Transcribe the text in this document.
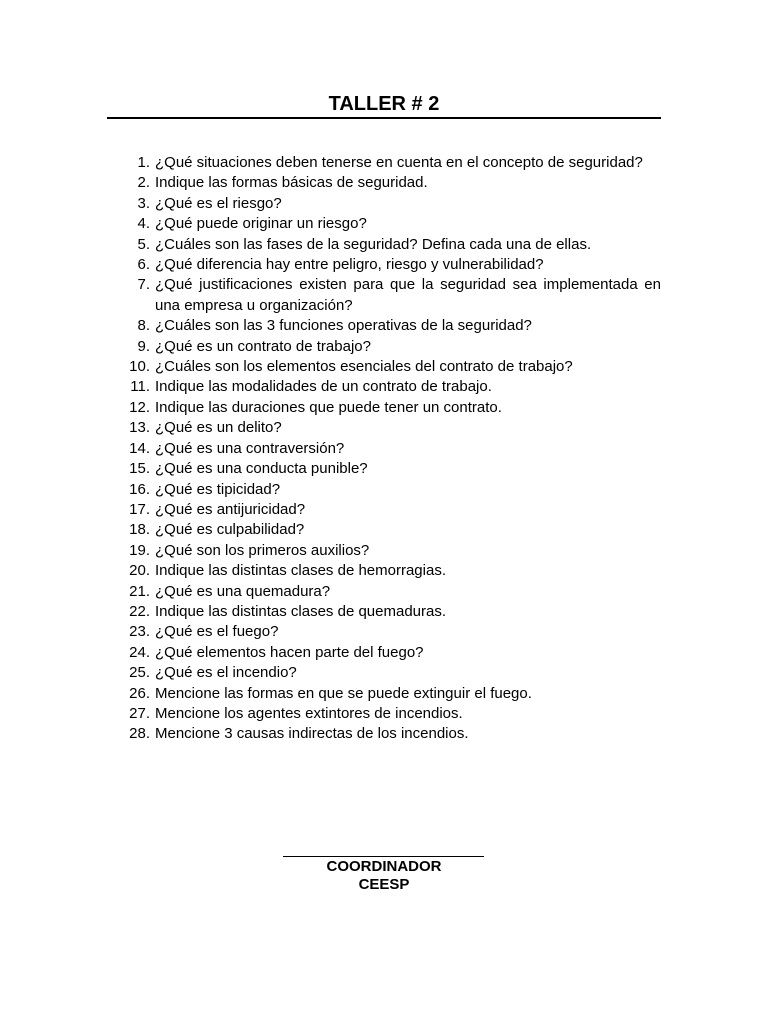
TALLER # 2
1 . ¿Qué situaciones deben tenerse en cuenta en el concepto de seguridad?
2 . Indique las formas básicas de seguridad.
3 . ¿Qué es el riesgo?
4 . ¿Qué puede originar un riesgo?
5 . ¿Cuáles son las fases de la seguridad? Defina cada una de ellas.
6 . ¿Qué diferencia hay entre peligro, riesgo y vulnerabilidad?
7 . ¿Qué justificaciones existen para que la seguridad sea implementada en una empresa u organización?
8 . ¿Cuáles son las 3 funciones operativas de la seguridad?
9 . ¿Qué es un contrato de trabajo?
10 . ¿Cuáles son los elementos esenciales del contrato de trabajo?
11 . Indique las modalidades de un contrato de trabajo.
12 . Indique las duraciones que puede tener un contrato.
13 . ¿Qué es un delito?
14 . ¿Qué es una contraversión?
15 . ¿Qué es una conducta punible?
16 . ¿Qué es tipicidad?
17 . ¿Qué es antijuricidad?
18 . ¿Qué es culpabilidad?
19 . ¿Qué son los primeros auxilios?
20 . Indique las distintas clases de hemorragias.
21 . ¿Qué es una quemadura?
22 . Indique las distintas clases de quemaduras.
23 . ¿Qué es el fuego?
24 . ¿Qué elementos hacen parte del fuego?
25 . ¿Qué es el incendio?
26 . Mencione las formas en que se puede extinguir el fuego.
27 . Mencione los agentes extintores de incendios.
28 . Mencione 3 causas indirectas de los incendios.
COORDINADOR
CEESP
